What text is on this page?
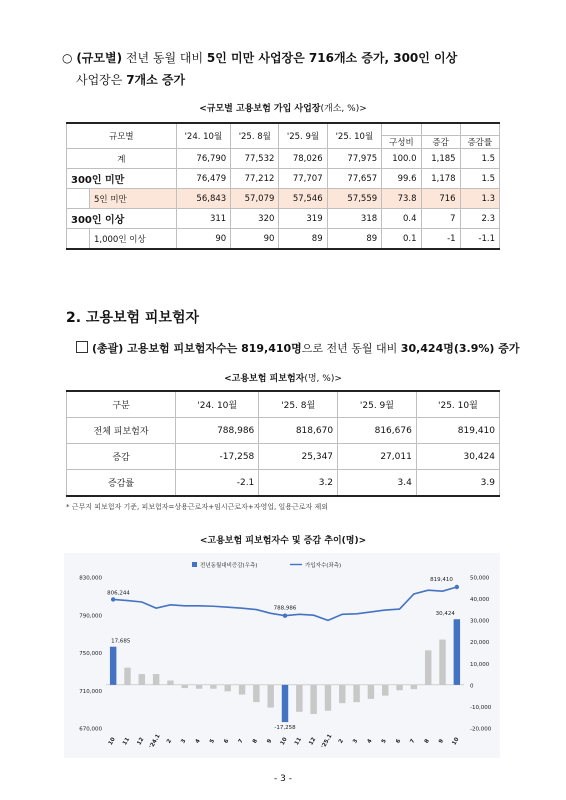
○ (규모별) 전년 동월 대비 5인 미만 사업장은 716개소 증가, 300인 이상
사업장은 7개소 증가
<규모별 고용보험 가입 사업장(개소, %)>
규모별		'24. 10월	'25. 8월	'25. 9월	'25. 10월			
						구성비	증감	증감률
계		76,790	77,532	78,026	77,975	100.0	1,185	1.5
300인 미만		76,479	77,212	77,707	77,657	99.6	1,178	1.5
	5인 미만	56,843	57,079	57,546	57,559	73.8	716	1.3
300인 이상		311	320	319	318	0.4	7	2.3
	1,000인 이상	90	90	89	89	0.1	-1	-1.1
2. 고용보험 피보험자
(총괄) 고용보험 피보험자수는 819,410명으로 전년 동월 대비 30,424명(3.9%) 증가
<고용보험 피보험자(명, %)>
구분	'24. 10월	'25. 8월	'25. 9월	'25. 10월
전체 피보험자	788,986	818,670	816,676	819,410
증감	-17,258	25,347	27,011	30,424
증감률	-2.1	3.2	3.4	3.9
* 근무지 피보험자 기준, 피보험자=상용근로자+임시근로자+자영업, 일용근로자 제외
<고용보험 피보험자수 및 증감 추이(명)>
830,000
790,000
750,000
710,000
670,000
50,000
40,000
30,000
20,000
10,000
0
-10,000
-20,000
806,244
788,986
819,410
17,685
-17,258
30,424
10 11 12 '24.1 2 3 4 5 6 7 8 9 10 11 12 '25.1 2 3 4 5 6 7 8 9 10
전년동월대비증감(우측)	가입자수(좌측)
- 3 -
